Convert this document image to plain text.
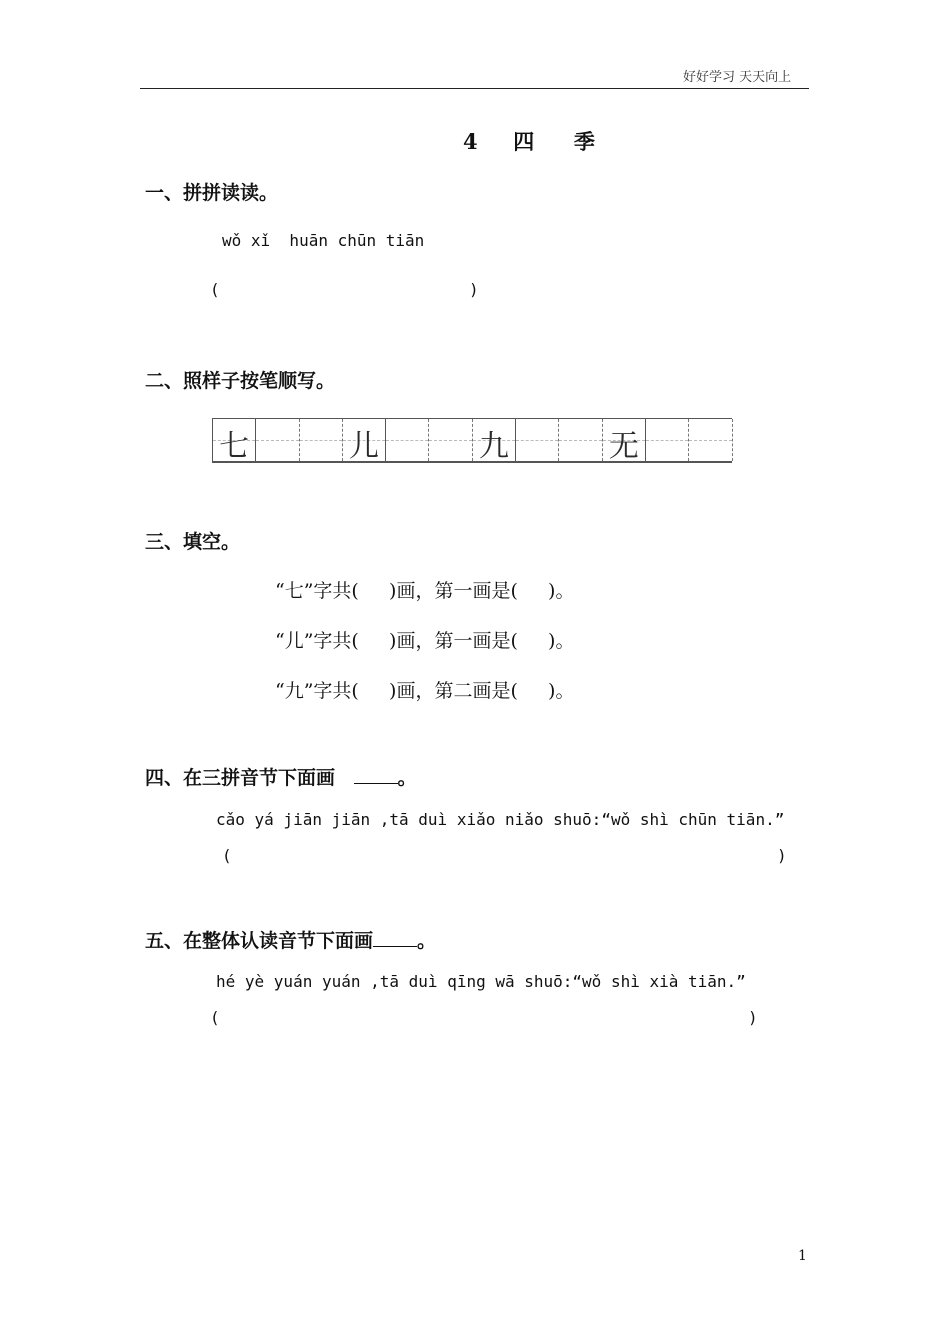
好好学习 天天向上
4 四 季
一、拼拼读读。
wǒ xǐ  huān chūn tiān
(	)
二、照样子按笔顺写。
七	儿	九	无
三、填空。
“七”字共(     )画，第一画是(     )。
“儿”字共(     )画，第一画是(     )。
“九”字共(     )画，第二画是(     )。
四、在三拼音节下面画	。
cǎo yá jiān jiān ,tā duì xiǎo niǎo shuō:“wǒ shì chūn tiān.”
(	)
五、在整体认读音节下面画 。
hé yè yuán yuán ,tā duì qīng wā shuō:“wǒ shì xià tiān.”
(	)
1
